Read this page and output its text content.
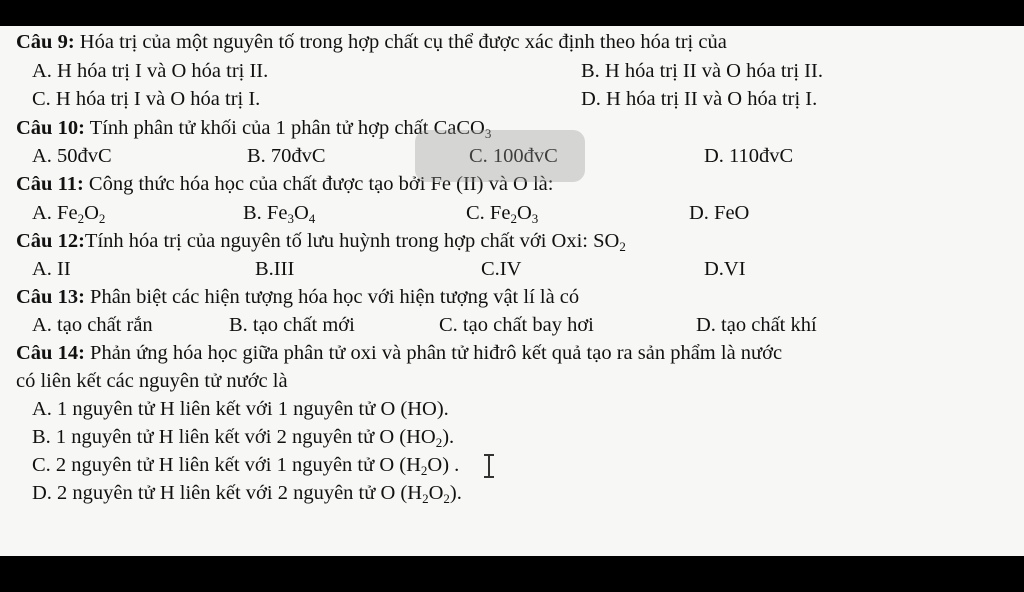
Câu 9: Hóa trị của một nguyên tố trong hợp chất cụ thể được xác định theo hóa trị của
A. H hóa trị I và O hóa trị II.	B. H hóa trị II và O hóa trị II.
C. H hóa trị I và O hóa trị I.	D. H hóa trị II và O hóa trị I.
Câu 10: Tính phân tử khối của 1 phân tử hợp chất CaCO$_3$
A. 50đvC	B. 70đvC	C. 100đvC	D. 110đvC
Câu 11: Công thức hóa học của chất được tạo bởi Fe (II) và O là:
A. $Fe_2O_2$	B. $Fe_3O_4$	C. $Fe_2O_3$	D. FeO
Câu 12:Tính hóa trị của nguyên tố lưu huỳnh trong hợp chất với Oxi: $SO_2$
A. II	B.III	C.IV	D.VI
Câu 13: Phân biệt các hiện tượng hóa học với hiện tượng vật lí là có
A. tạo chất rắn	B. tạo chất mới	C. tạo chất bay hơi	D. tạo chất khí
Câu 14: Phản ứng hóa học giữa phân tử oxi và phân tử hiđrô kết quả tạo ra sản phẩm là nước
có liên kết các nguyên tử nước là
A. 1 nguyên tử H liên kết với 1 nguyên tử O (HO).
B. 1 nguyên tử H liên kết với 2 nguyên tử O $(HO_2)$.
C. 2 nguyên tử H liên kết với 1 nguyên tử O $(H_2O)$ .
D. 2 nguyên tử H liên kết với 2 nguyên tử O $(H_2O_2)$.
